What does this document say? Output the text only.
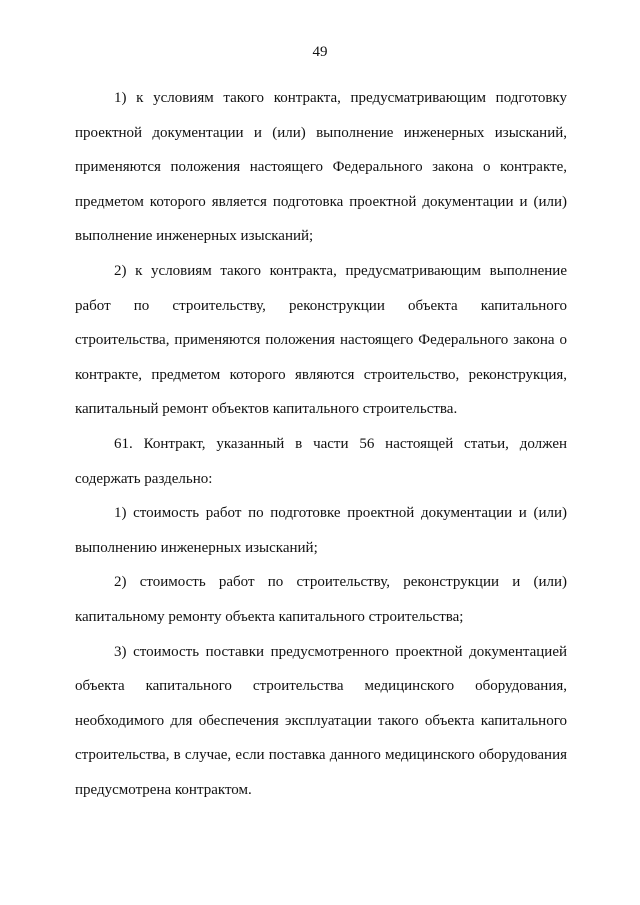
49

1) к условиям такого контракта, предусматривающим подготовку проектной документации и (или) выполнение инженерных изысканий, применяются положения настоящего Федерального закона о контракте, предметом которого является подготовка проектной документации и (или) выполнение инженерных изысканий;

2) к условиям такого контракта, предусматривающим выполнение работ по строительству, реконструкции объекта капитального строительства, применяются положения настоящего Федерального закона о контракте, предметом которого являются строительство, реконструкция, капитальный ремонт объектов капитального строительства.

61. Контракт, указанный в части 56 настоящей статьи, должен содержать раздельно:

1) стоимость работ по подготовке проектной документации и (или) выполнению инженерных изысканий;

2) стоимость работ по строительству, реконструкции и (или) капитальному ремонту объекта капитального строительства;

3) стоимость поставки предусмотренного проектной документацией объекта капитального строительства медицинского оборудования, необходимого для обеспечения эксплуатации такого объекта капитального строительства, в случае, если поставка данного медицинского оборудования предусмотрена контрактом.
